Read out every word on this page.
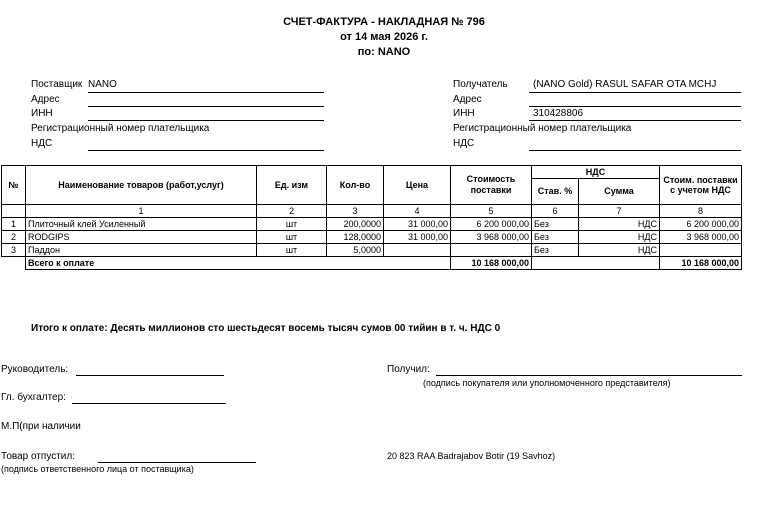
СЧЕТ-ФАКТУРА - НАКЛАДНАЯ № 796
от 14 мая 2026 г.
по: NANO
Поставщик NANO
Адрес
ИНН
Регистрационный номер плательщика
НДС
Получатель	(NANO Gold) RASUL SAFAR OTA MCHJ
Адрес
ИНН	310428806
Регистрационный номер плательщика
НДС
№	Наименование товаров (работ,услуг)	Ед. изм	Кол-во	Цена	Стоимость поставки	НДС		Стоим. поставки с учетом НДС
						Став. %	Сумма	
	1	2	3	4	5	6	7	8
1	Плиточный клей Усиленный	шт	200,0000	31 000,00	6 200 000,00	Без	НДС	6 200 000,00
2	RODGIPS	шт	128,0000	31 000,00	3 968 000,00	Без	НДС	3 968 000,00
3	Паддон	шт	5,0000			Без	НДС	
	Всего к оплате				10 168 000,00			10 168 000,00
Итого к оплате: Десять миллионов сто шестьдесят восемь тысяч сумов 00 тийин в т. ч. НДС 0
Руководитель:	Получил:
(подпись покупателя или уполномоченного представителя)
Гл. бухгалтер:
М.П(при наличии
Товар отпустил:
(подпись ответственного лица от поставщика)
20 823 RAA Badrajabov Botir (19 Savhoz)
